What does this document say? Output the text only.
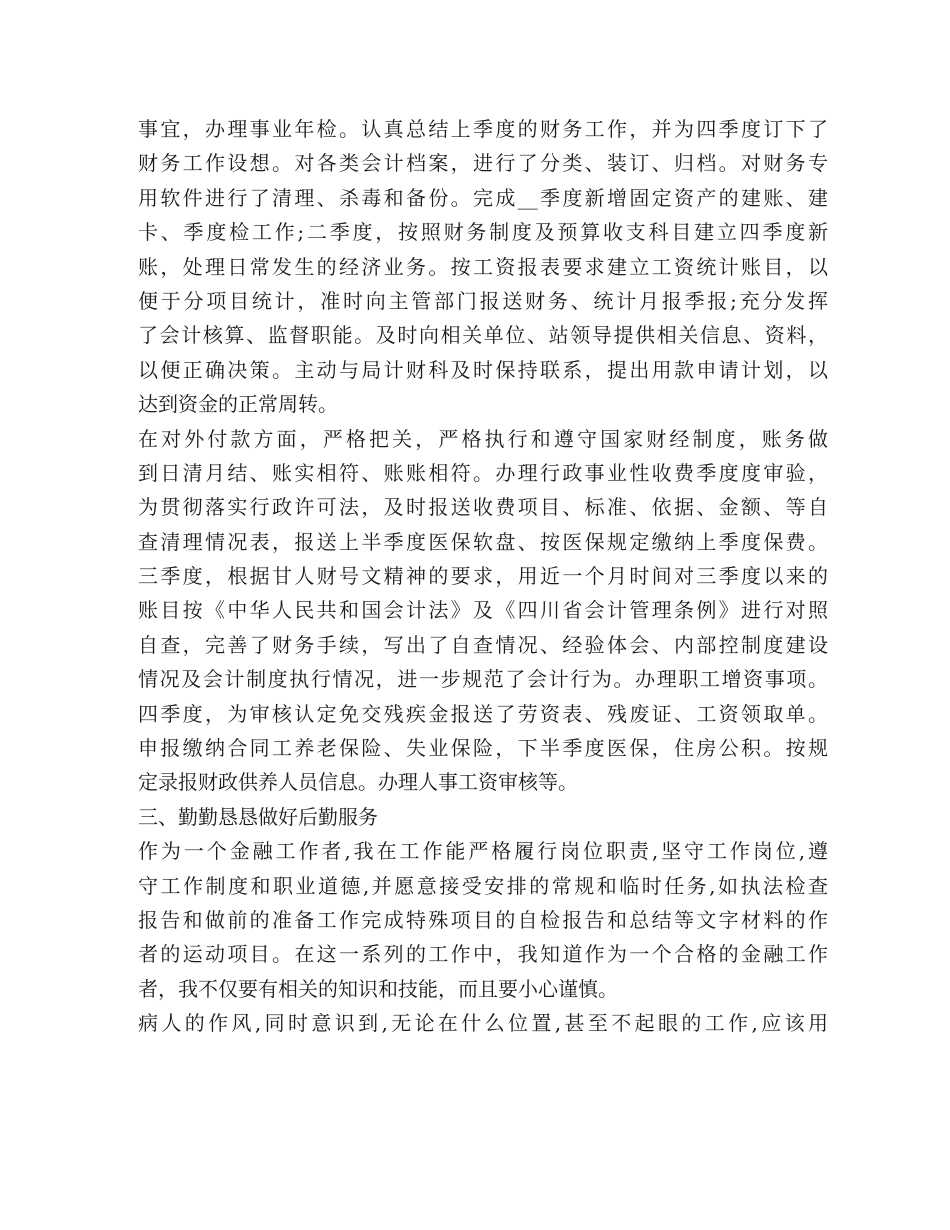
事宜，办理事业年检。认真总结上季度的财务工作，并为四季度订下了
财务工作设想。对各类会计档案，进行了分类、装订、归档。对财务专
用软件进行了清理、杀毒和备份。完成__季度新增固定资产的建账、建
卡、季度检工作;二季度，按照财务制度及预算收支科目建立四季度新
账，处理日常发生的经济业务。按工资报表要求建立工资统计账目，以
便于分项目统计，准时向主管部门报送财务、统计月报季报;充分发挥
了会计核算、监督职能。及时向相关单位、站领导提供相关信息、资料，
以便正确决策。主动与局计财科及时保持联系，提出用款申请计划，以
达到资金的正常周转。
在对外付款方面，严格把关，严格执行和遵守国家财经制度，账务做
到日清月结、账实相符、账账相符。办理行政事业性收费季度度审验，
为贯彻落实行政许可法，及时报送收费项目、标准、依据、金额、等自
查清理情况表，报送上半季度医保软盘、按医保规定缴纳上季度保费。
三季度，根据甘人财号文精神的要求，用近一个月时间对三季度以来的
账目按《中华人民共和国会计法》及《四川省会计管理条例》进行对照
自查，完善了财务手续，写出了自查情况、经验体会、内部控制度建设
情况及会计制度执行情况，进一步规范了会计行为。办理职工增资事项。
四季度，为审核认定免交残疾金报送了劳资表、残废证、工资领取单。
申报缴纳合同工养老保险、失业保险，下半季度医保，住房公积。按规
定录报财政供养人员信息。办理人事工资审核等。
三、勤勤恳恳做好后勤服务
作为一个金融工作者,我在工作能严格履行岗位职责,坚守工作岗位,遵
守工作制度和职业道德,并愿意接受安排的常规和临时任务,如执法检查
报告和做前的准备工作完成特殊项目的自检报告和总结等文字材料的作
者的运动项目。在这一系列的工作中，我知道作为一个合格的金融工作
者，我不仅要有相关的知识和技能，而且要小心谨慎。
病人的作风,同时意识到,无论在什么位置,甚至不起眼的工作,应该用
